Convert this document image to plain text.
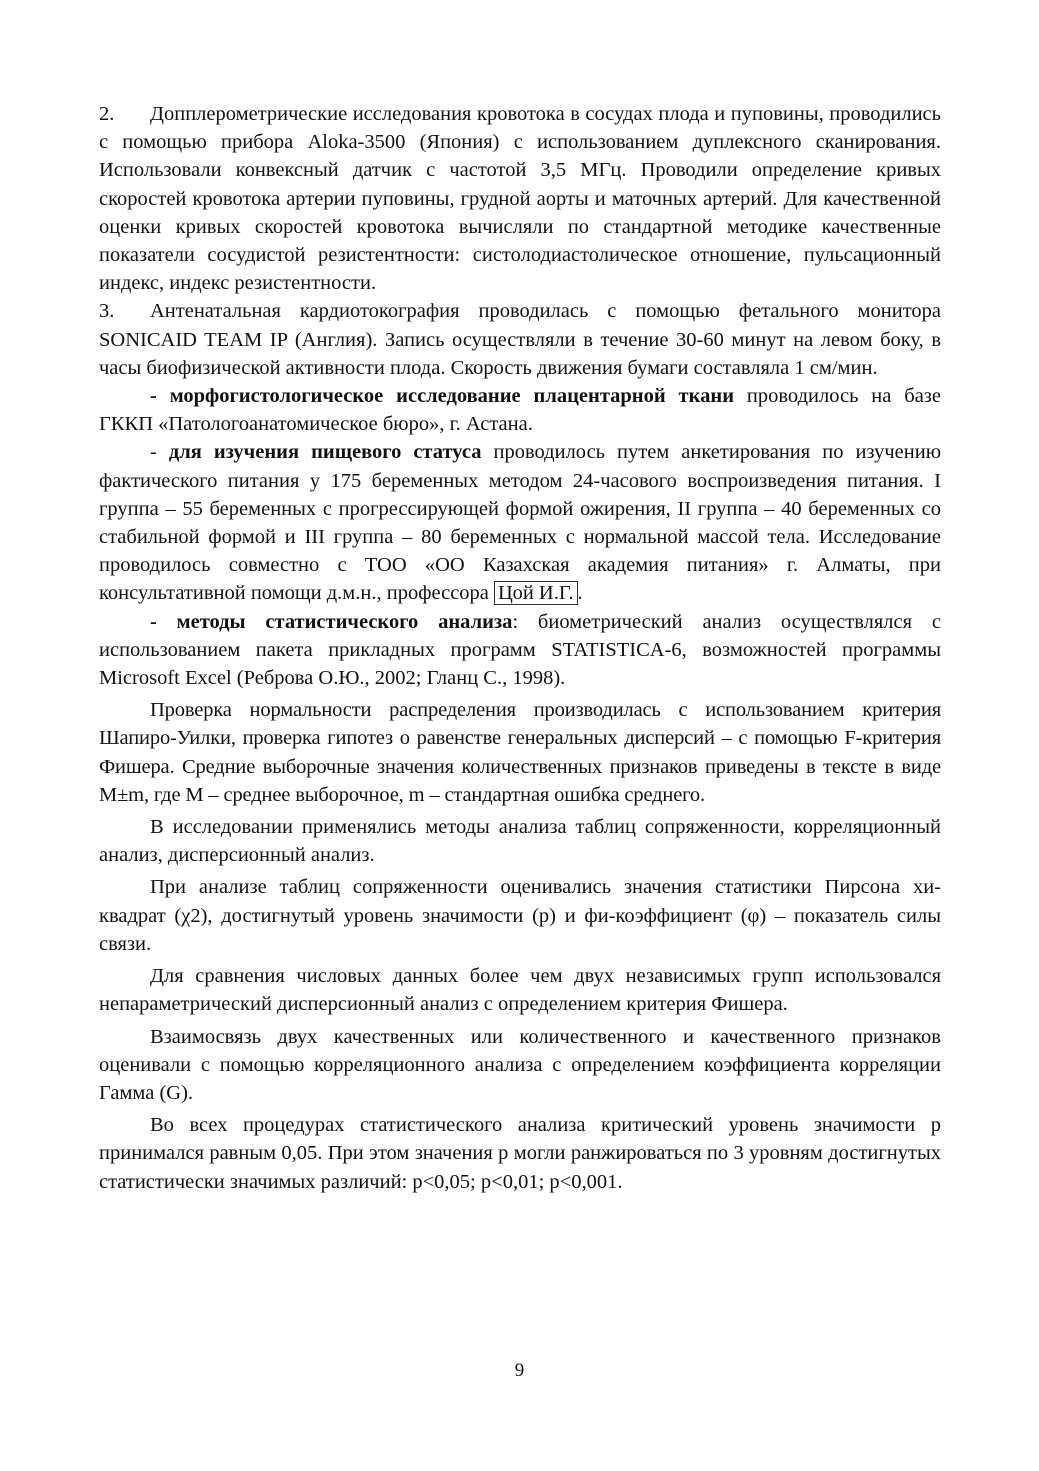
2. Допплерометрические исследования кровотока в сосудах плода и пуповины, проводились с помощью прибора Aloka-3500 (Япония) с использованием дуплексного сканирования. Использовали конвексный датчик с частотой 3,5 МГц. Проводили определение кривых скоростей кровотока артерии пуповины, грудной аорты и маточных артерий. Для качественной оценки кривых скоростей кровотока вычисляли по стандартной методике качественные показатели сосудистой резистентности: систолодиастолическое отношение, пульсационный индекс, индекс резистентности.

3. Антенатальная кардиотокография проводилась с помощью фетального монитора SONICAID TEAM IP (Англия). Запись осуществляли в течение 30-60 минут на левом боку, в часы биофизической активности плода. Скорость движения бумаги составляла 1 см/мин.

- морфогистологическое исследование плацентарной ткани проводилось на базе ГККП «Патологоанатомическое бюро», г. Астана.

- для изучения пищевого статуса проводилось путем анкетирования по изучению фактического питания у 175 беременных методом 24-часового воспроизведения питания. I группа – 55 беременных с прогрессирующей формой ожирения, II группа – 40 беременных со стабильной формой и III группа – 80 беременных с нормальной массой тела. Исследование проводилось совместно с ТОО «ОО Казахская академия питания» г. Алматы, при консультативной помощи д.м.н., профессора Цой И.Г. .

- методы статистического анализа: биометрический анализ осуществлялся с использованием пакета прикладных программ STATISTICA-6, возможностей программы Microsoft Excel (Реброва О.Ю., 2002; Гланц С., 1998).

Проверка нормальности распределения производилась с использованием критерия Шапиро-Уилки, проверка гипотез о равенстве генеральных дисперсий – с помощью F-критерия Фишера. Средние выборочные значения количественных признаков приведены в тексте в виде M±m, где M – среднее выборочное, m – стандартная ошибка среднего.

В исследовании применялись методы анализа таблиц сопряженности, корреляционный анализ, дисперсионный анализ.

При анализе таблиц сопряженности оценивались значения статистики Пирсона хи-квадрат (χ2), достигнутый уровень значимости (р) и фи-коэффициент (φ) – показатель силы связи.

Для сравнения числовых данных более чем двух независимых групп использовался непараметрический дисперсионный анализ с определением критерия Фишера.

Взаимосвязь двух качественных или количественного и качественного признаков оценивали с помощью корреляционного анализа с определением коэффициента корреляции Гамма (G).

Во всех процедурах статистического анализа критический уровень значимости р принимался равным 0,05. При этом значения р могли ранжироваться по 3 уровням достигнутых статистически значимых различий: р<0,05; р<0,01; р<0,001.

9
